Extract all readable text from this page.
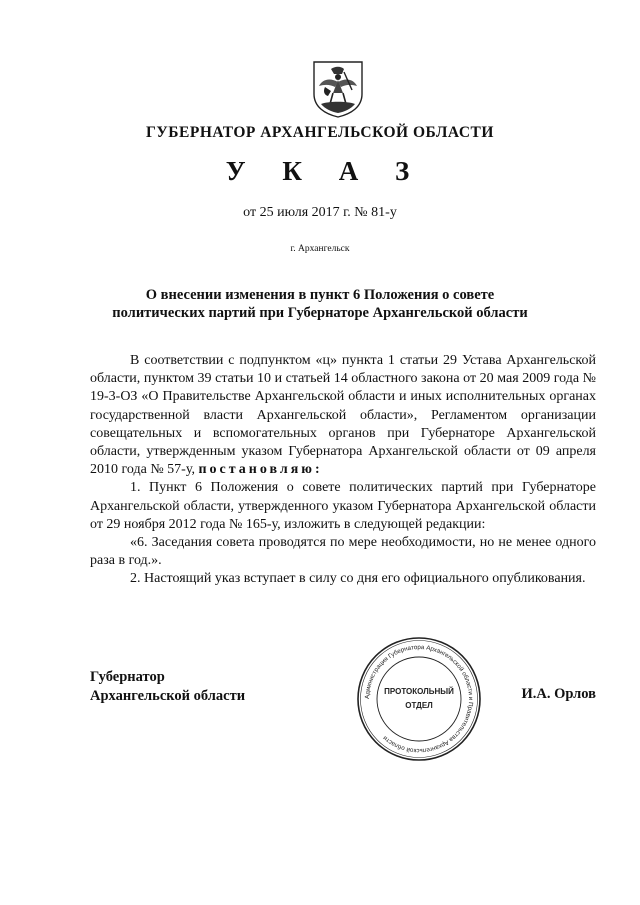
ГУБЕРНАТОР АРХАНГЕЛЬСКОЙ ОБЛАСТИ
У К А З
от 25 июля 2017 г. № 81-у
г. Архангельск
О внесении изменения в пункт 6 Положения о совете
политических партий при Губернаторе Архангельской области

В соответствии с подпунктом «ц» пункта 1 статьи 29 Устава Архангельской области, пунктом 39 статьи 10 и статьей 14 областного закона от 20 мая 2009 года № 19-3-ОЗ «О Правительстве Архангельской области и иных исполнительных органах государственной власти Архангельской области», Регламентом организации совещательных и вспомогательных органов при Губернаторе Архангельской области, утвержденным указом Губернатора Архангельской области от 09 апреля 2010 года № 57-у, постановляю:

1. Пункт 6 Положения о совете политических партий при Губернаторе Архангельской области, утвержденного указом Губернатора Архангельской области от 29 ноября 2012 года № 165-у, изложить в следующей редакции:

«6. Заседания совета проводятся по мере необходимости, но не менее одного раза в год.».

2. Настоящий указ вступает в силу со дня его официального опубликования.

Губернатор
Архангельской области	Администрация Губернатора Архангельской области и Правительства Архангельской области
ПРОТОКОЛЬНЫЙ
ОТДЕЛ
И.А. Орлов
